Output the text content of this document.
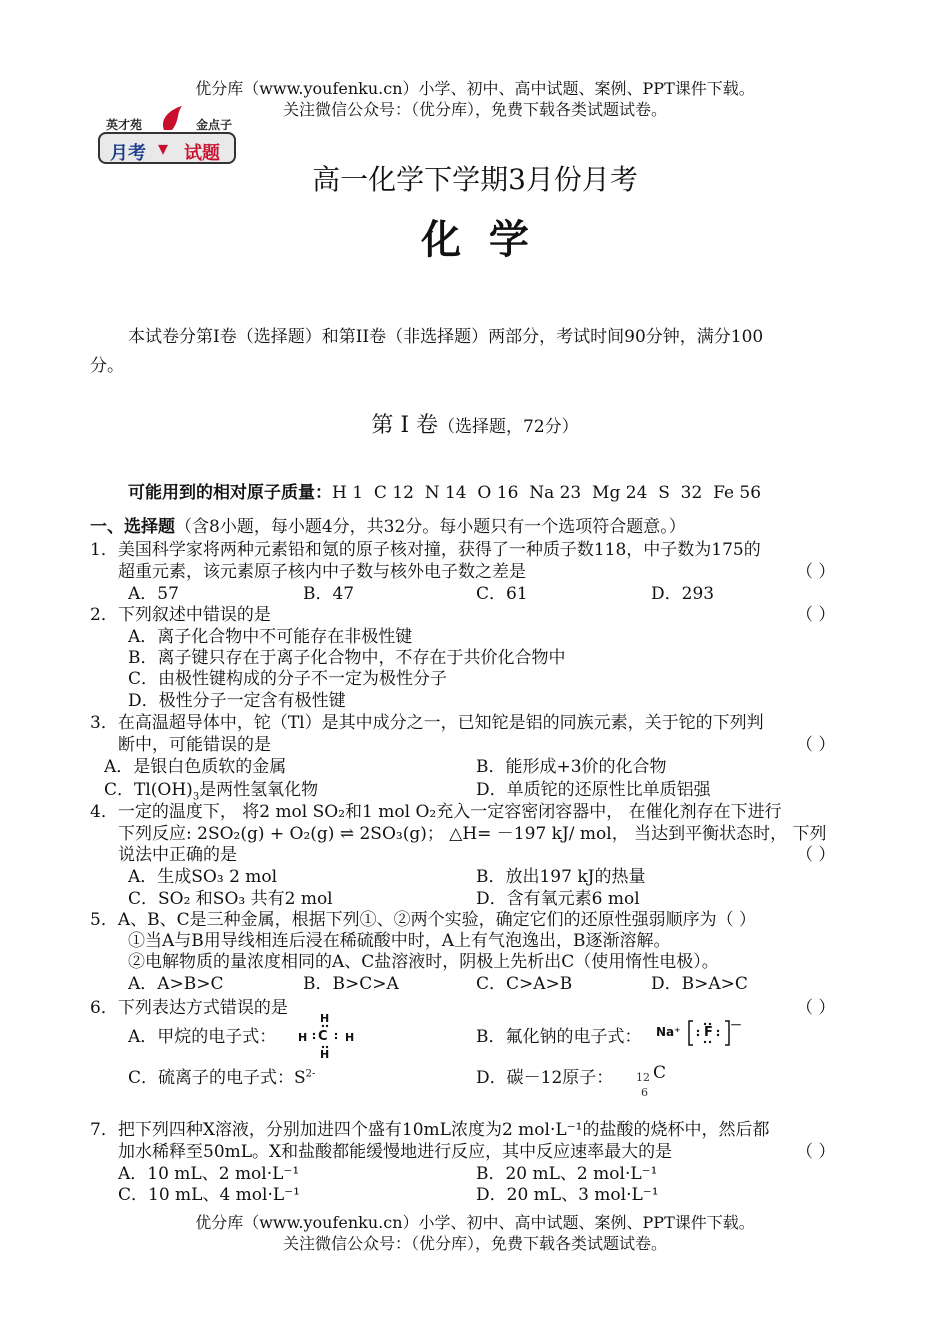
优分库（www.youfenku.cn）小学、初中、高中试题、案例、PPT课件下载。
关注微信公众号：（优分库），免费下载各类试题试卷。
英才苑	金点子
月考 ▾ 试题
高一化学下学期3月份月考
化  学
本试卷分第I卷（选择题）和第II卷（非选择题）两部分，考试时间90分钟，满分100
分。
第 I 卷（选择题，72分）
可能用到的相对原子质量：H 1  C 12  N 14  O 16  Na 23  Mg 24  S  32  Fe 56
一、选择题（含8小题，每小题4分，共32分。每小题只有一个选项符合题意。）
1．美国科学家将两种元素铅和氪的原子核对撞，获得了一种质子数118，中子数为175的
超重元素，该元素原子核内中子数与核外电子数之差是	（ ）
A．57	B．47	C．61	D．293
2．下列叙述中错误的是	（ ）
A．离子化合物中不可能存在非极性键
B．离子键只存在于离子化合物中，不存在于共价化合物中
C．由极性键构成的分子不一定为极性分子
D．极性分子一定含有极性键
3．在高温超导体中，铊（Tl）是其中成分之一，已知铊是铝的同族元素，关于铊的下列判
断中，可能错误的是	（ ）
A．是银白色质软的金属	B．能形成+3价的化合物
C．$Tl(OH)_3$是两性氢氧化物	D．单质铊的还原性比单质铝强
4．一定的温度下， 将2 mol SO₂和1 mol O₂充入一定容密闭容器中， 在催化剂存在下进行
下列反应: 2SO₂(g) + O₂(g) ⇌ 2SO₃(g)； △H= －197 kJ/ mol， 当达到平衡状态时， 下列
说法中正确的是	（ ）
A．生成SO₃ 2 mol	B．放出197 kJ的热量
C．SO₂ 和SO₃ 共有2 mol	D．含有氧元素6 mol
5．A、B、C是三种金属，根据下列①、②两个实验，确定它们的还原性强弱顺序为（ ）
①当A与B用导线相连后浸在稀硫酸中时，A上有气泡逸出，B逐渐溶解。
②电解物质的量浓度相同的A、C盐溶液时，阴极上先析出C（使用惰性电极）。
A．A>B>C	B．B>C>A	C．C>A>B	D．B>A>C
6．下列表达方式错误的是	（ ）
A．甲烷的电子式：
H
H C H
H
B．氟化钠的电子式： Na⁺ F －
C．硫离子的电子式：$S^{2-}$	D．碳－12原子： 12
6
C
7．把下列四种X溶液，分别加进四个盛有10mL浓度为2 mol·L⁻¹的盐酸的烧杯中，然后都
加水稀释至50mL。X和盐酸都能缓慢地进行反应，其中反应速率最大的是	（ ）
A．10 mL、2 mol·L⁻¹	B．20 mL、2 mol·L⁻¹
C．10 mL、4 mol·L⁻¹	D．20 mL、3 mol·L⁻¹
优分库（www.youfenku.cn）小学、初中、高中试题、案例、PPT课件下载。
关注微信公众号：（优分库），免费下载各类试题试卷。
